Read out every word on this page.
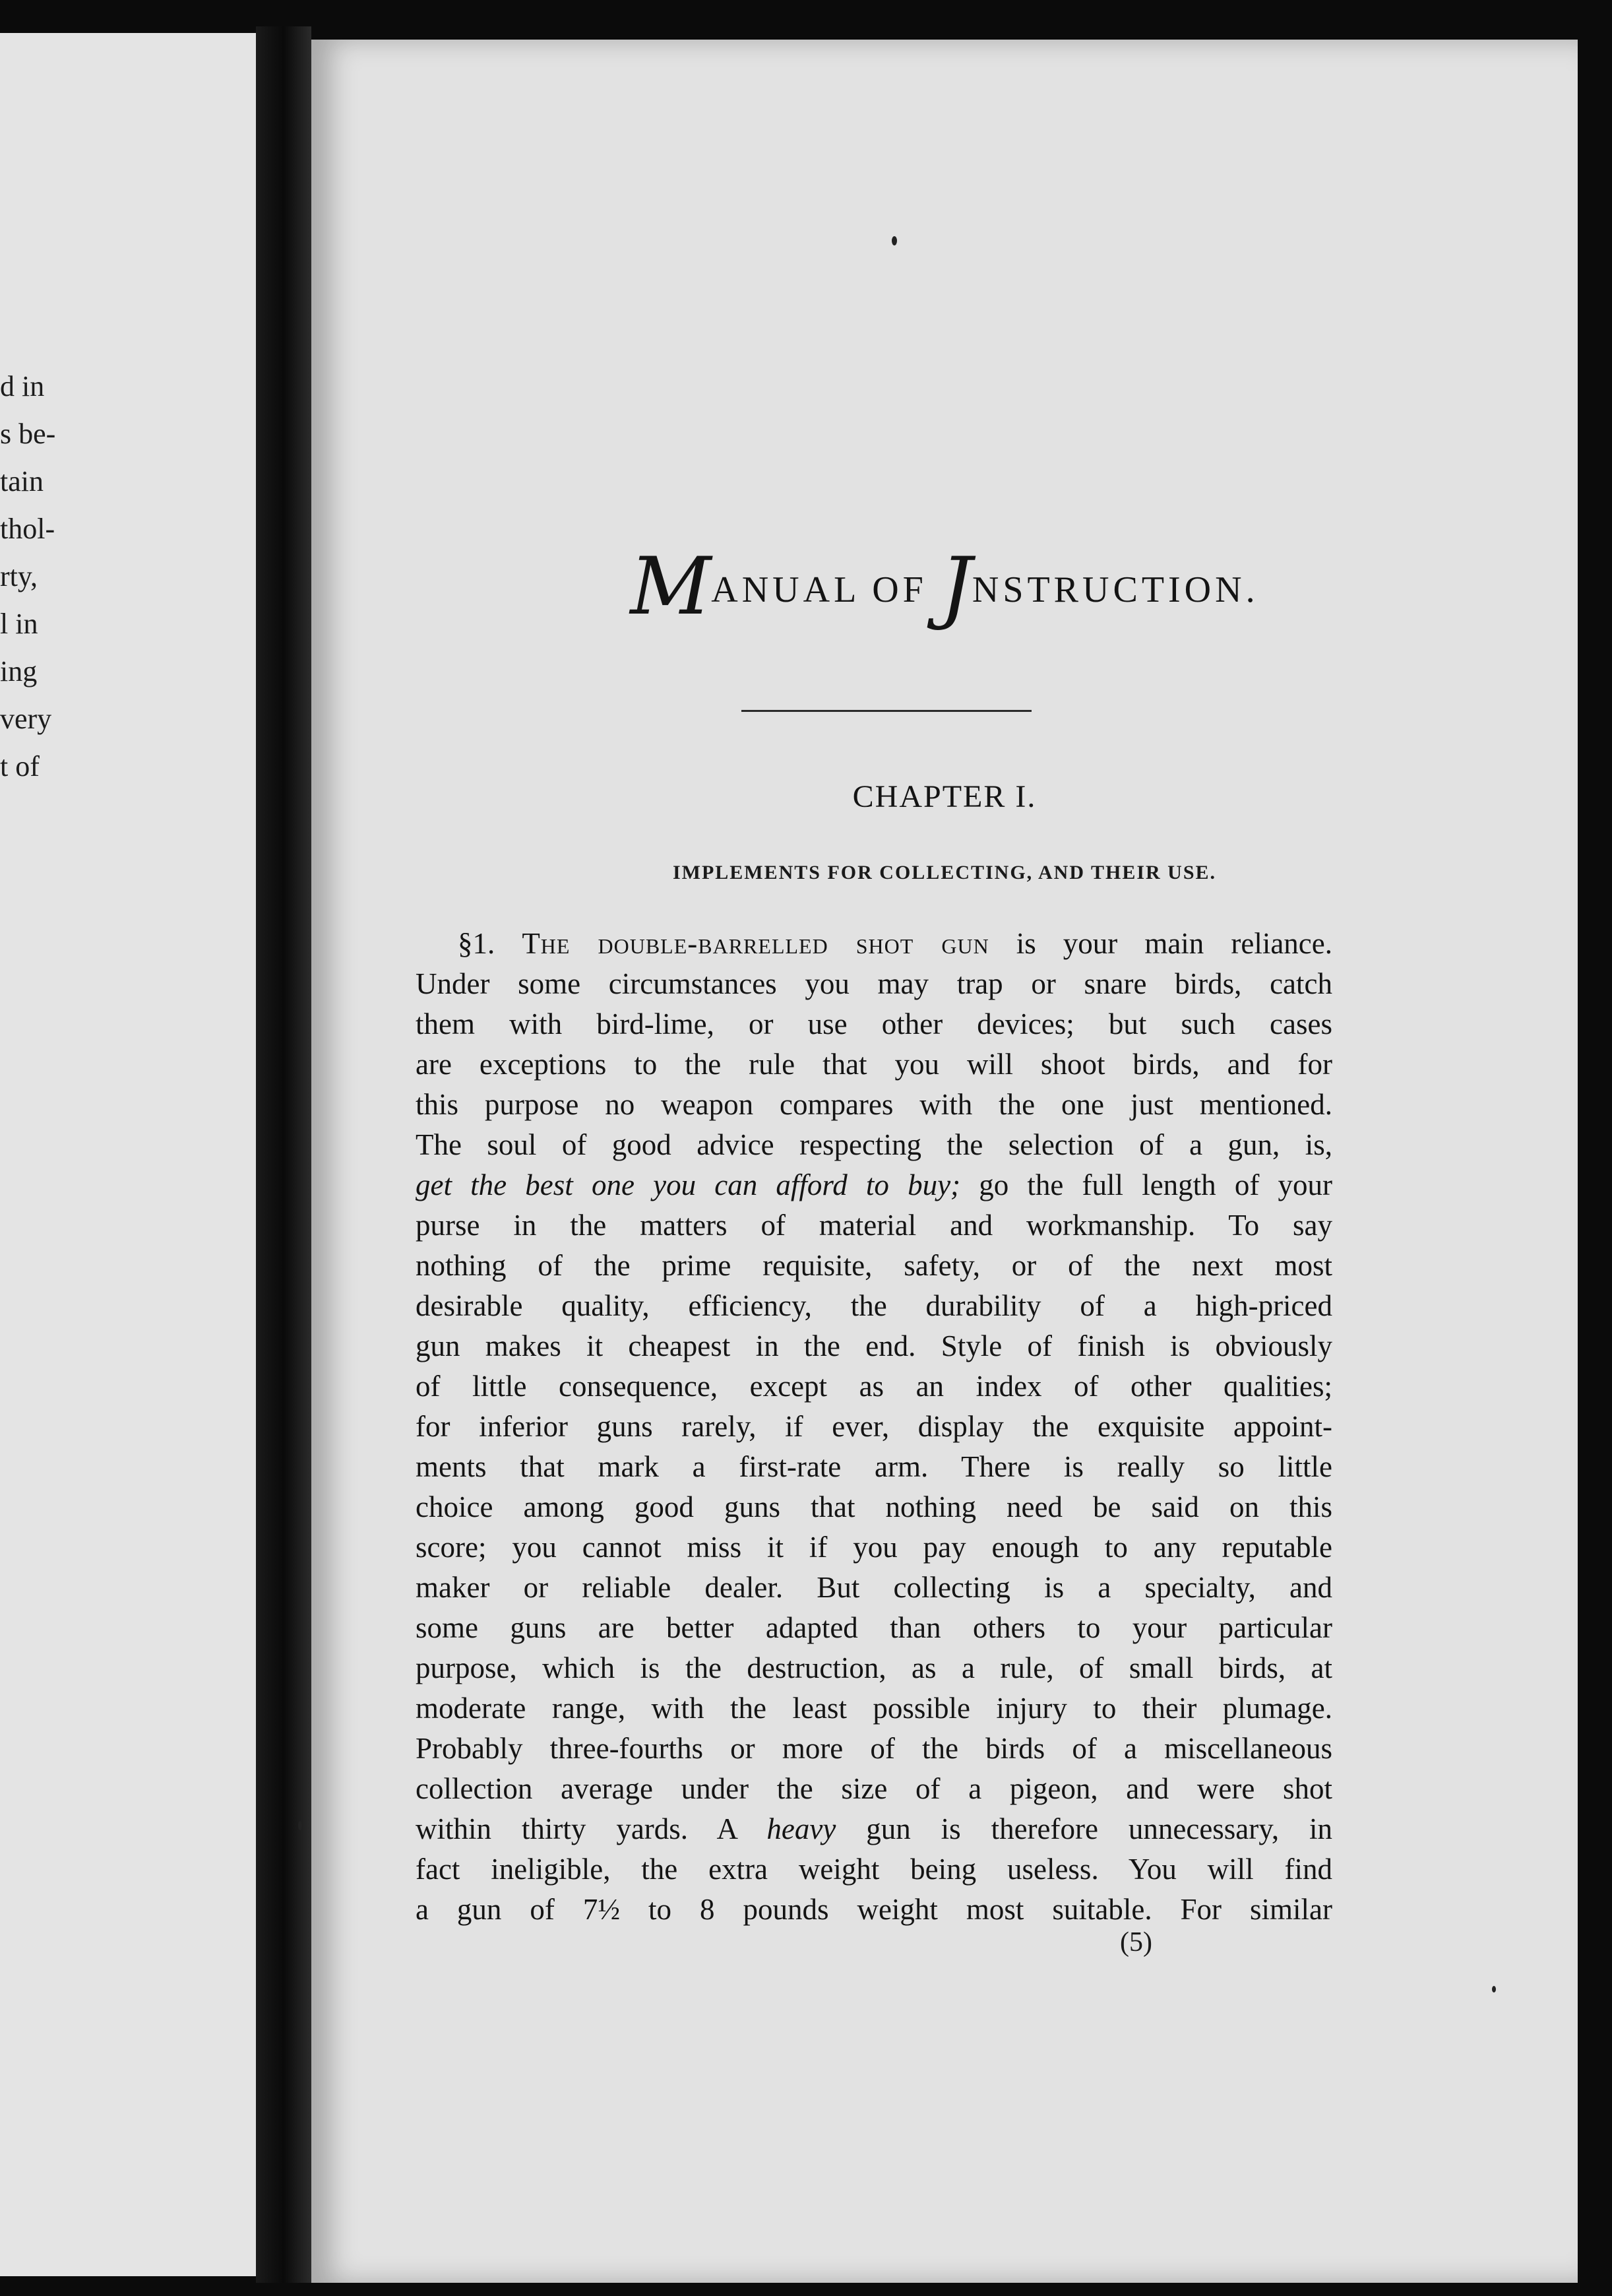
d in
s be-
tain
thol-
rty,
l in
ing
very
t of
MANUAL OF JNSTRUCTION.
CHAPTER I.
IMPLEMENTS FOR COLLECTING, AND THEIR USE.
§1. The double-barrelled shot gun is your main reliance.
Under some circumstances you may trap or snare birds, catch
them with bird-lime, or use other devices; but such cases
are exceptions to the rule that you will shoot birds, and for
this purpose no weapon compares with the one just mentioned.
The soul of good advice respecting the selection of a gun, is,
get the best one you can afford to buy; go the full length of your
purse in the matters of material and workmanship. To say
nothing of the prime requisite, safety, or of the next most
desirable quality, efficiency, the durability of a high-priced
gun makes it cheapest in the end. Style of finish is obviously
of little consequence, except as an index of other qualities;
for inferior guns rarely, if ever, display the exquisite appoint-
ments that mark a first-rate arm. There is really so little
choice among good guns that nothing need be said on this
score; you cannot miss it if you pay enough to any reputable
maker or reliable dealer. But collecting is a specialty, and
some guns are better adapted than others to your particular
purpose, which is the destruction, as a rule, of small birds, at
moderate range, with the least possible injury to their plumage.
Probably three-fourths or more of the birds of a miscellaneous
collection average under the size of a pigeon, and were shot
within thirty yards. A heavy gun is therefore unnecessary, in
fact ineligible, the extra weight being useless. You will find
a gun of 7½ to 8 pounds weight most suitable. For similar
(5)
